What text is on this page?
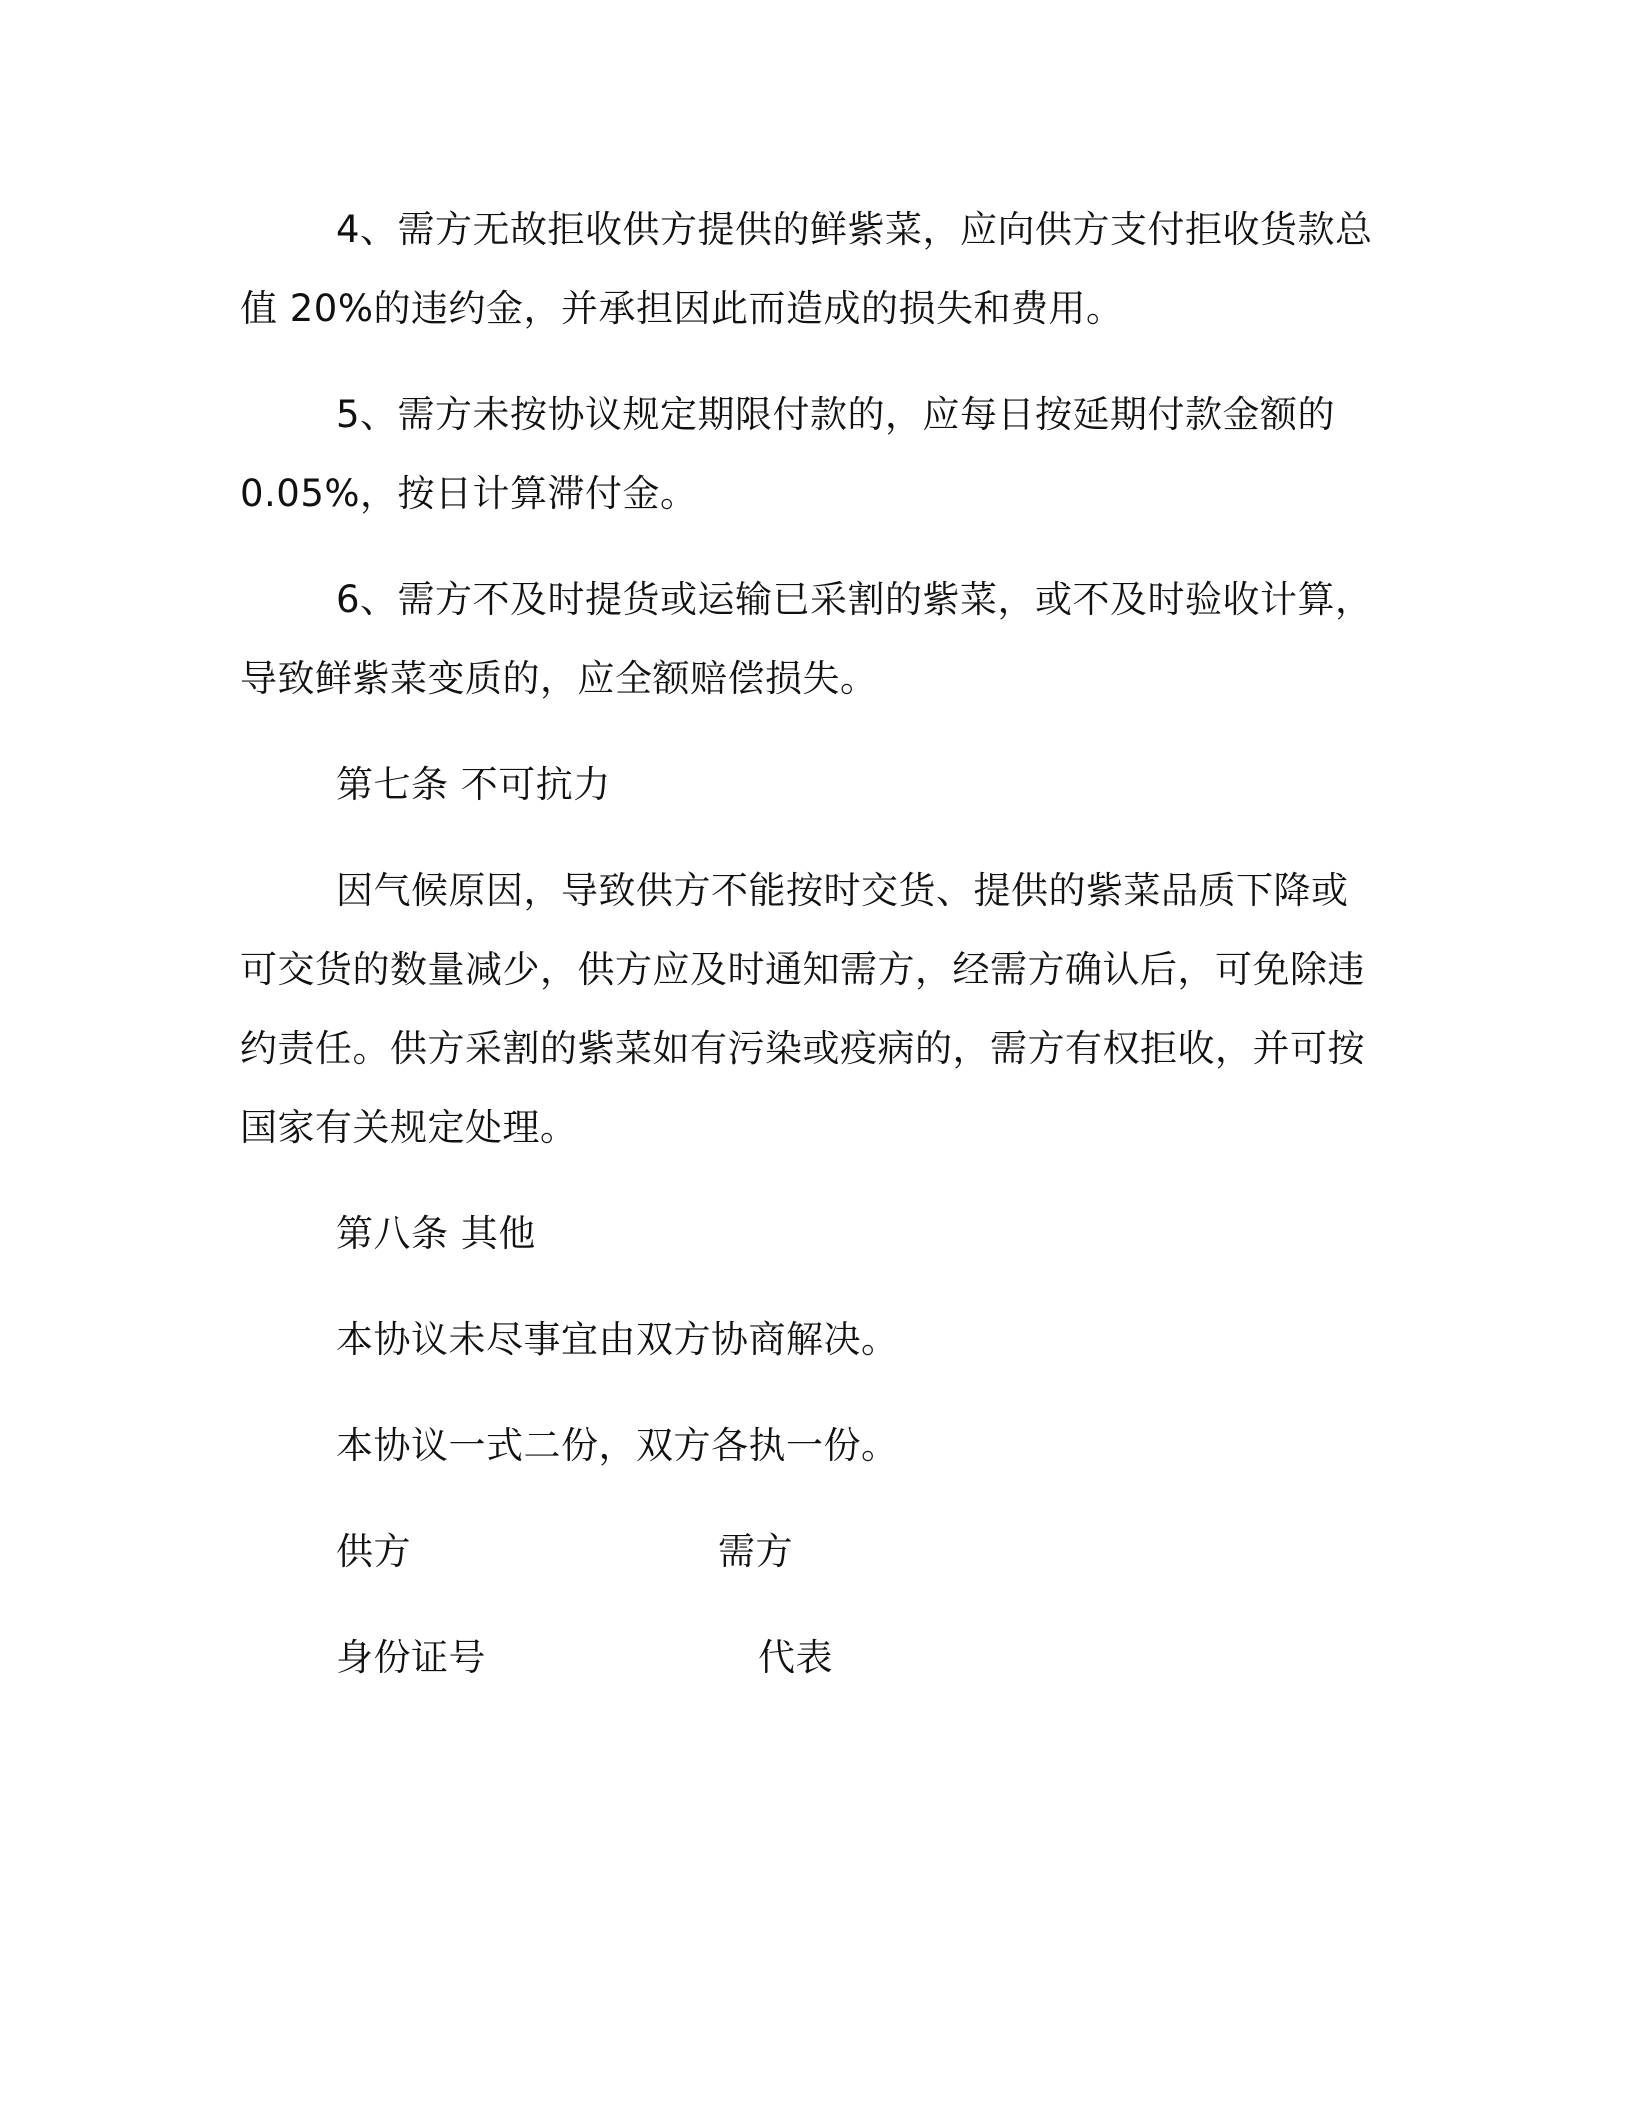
4、需方无故拒收供方提供的鲜紫菜，应向供方支付拒收货款总值 20%的违约金，并承担因此而造成的损失和费用。

5、需方未按协议规定期限付款的，应每日按延期付款金额的 0.05%，按日计算滞付金。

6、需方不及时提货或运输已采割的紫菜，或不及时验收计算，导致鲜紫菜变质的，应全额赔偿损失。

第七条 不可抗力

因气候原因，导致供方不能按时交货、提供的紫菜品质下降或可交货的数量减少，供方应及时通知需方，经需方确认后，可免除违约责任。供方采割的紫菜如有污染或疫病的，需方有权拒收，并可按国家有关规定处理。

第八条 其他

本协议未尽事宜由双方协商解决。

本协议一式二份，双方各执一份。

供方	需方
身份证号	代表
